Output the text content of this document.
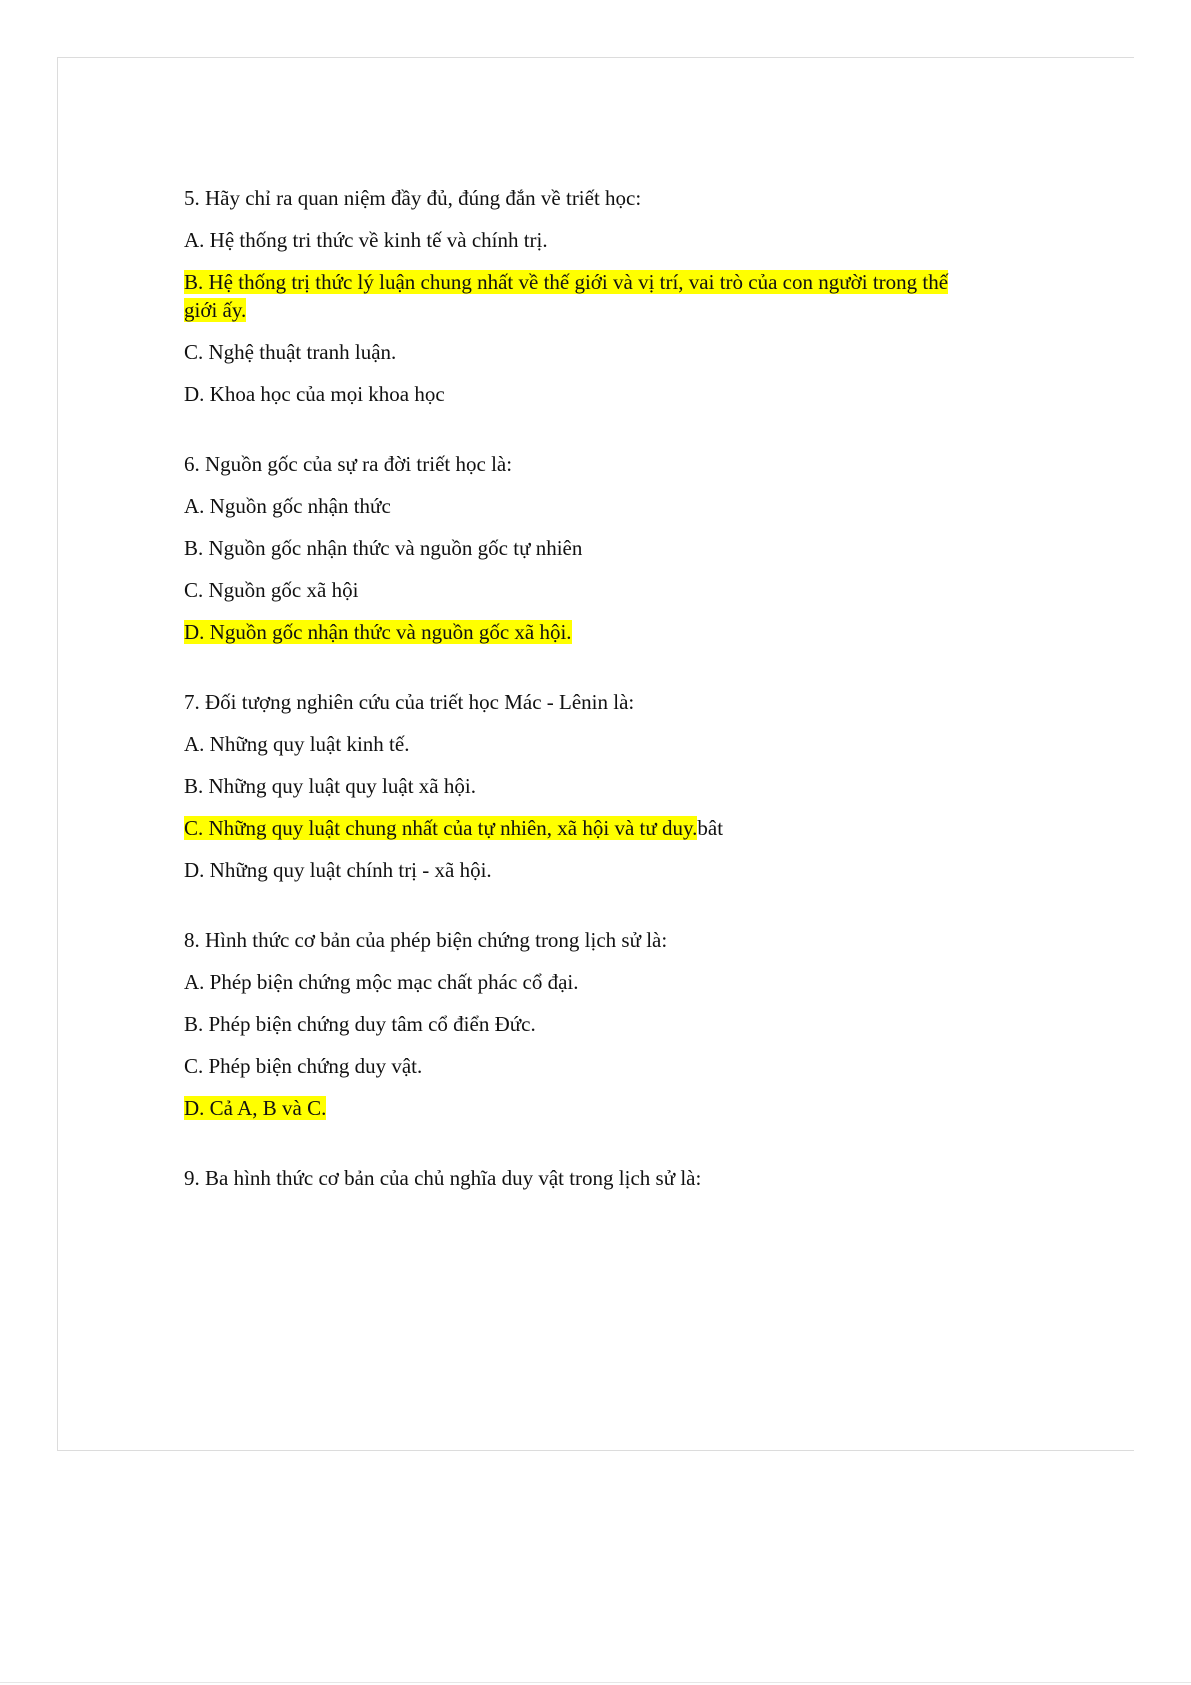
5. Hãy chỉ ra quan niệm đầy đủ, đúng đắn về triết học:
A. Hệ thống tri thức về kinh tế và chính trị.
B. Hệ thống trị thức lý luận chung nhất về thế giới và vị trí, vai trò của con người trong thế giới ấy.
C. Nghệ thuật tranh luận.
D. Khoa học của mọi khoa học
6. Nguồn gốc của sự ra đời triết học là:
A. Nguồn gốc nhận thức
B. Nguồn gốc nhận thức và nguồn gốc tự nhiên
C. Nguồn gốc xã hội
D. Nguồn gốc nhận thức và nguồn gốc xã hội.
7. Đối tượng nghiên cứu của triết học Mác - Lênin là:
A. Những quy luật kinh tế.
B. Những quy luật quy luật xã hội.
C. Những quy luật chung nhất của tự nhiên, xã hội và tư duy.bât
D. Những quy luật chính trị - xã hội.
8. Hình thức cơ bản của phép biện chứng trong lịch sử là:
A. Phép biện chứng mộc mạc chất phác cổ đại.
B. Phép biện chứng duy tâm cổ điển Đức.
C. Phép biện chứng duy vật.
D. Cả A, B và C.
9. Ba hình thức cơ bản của chủ nghĩa duy vật trong lịch sử là:
